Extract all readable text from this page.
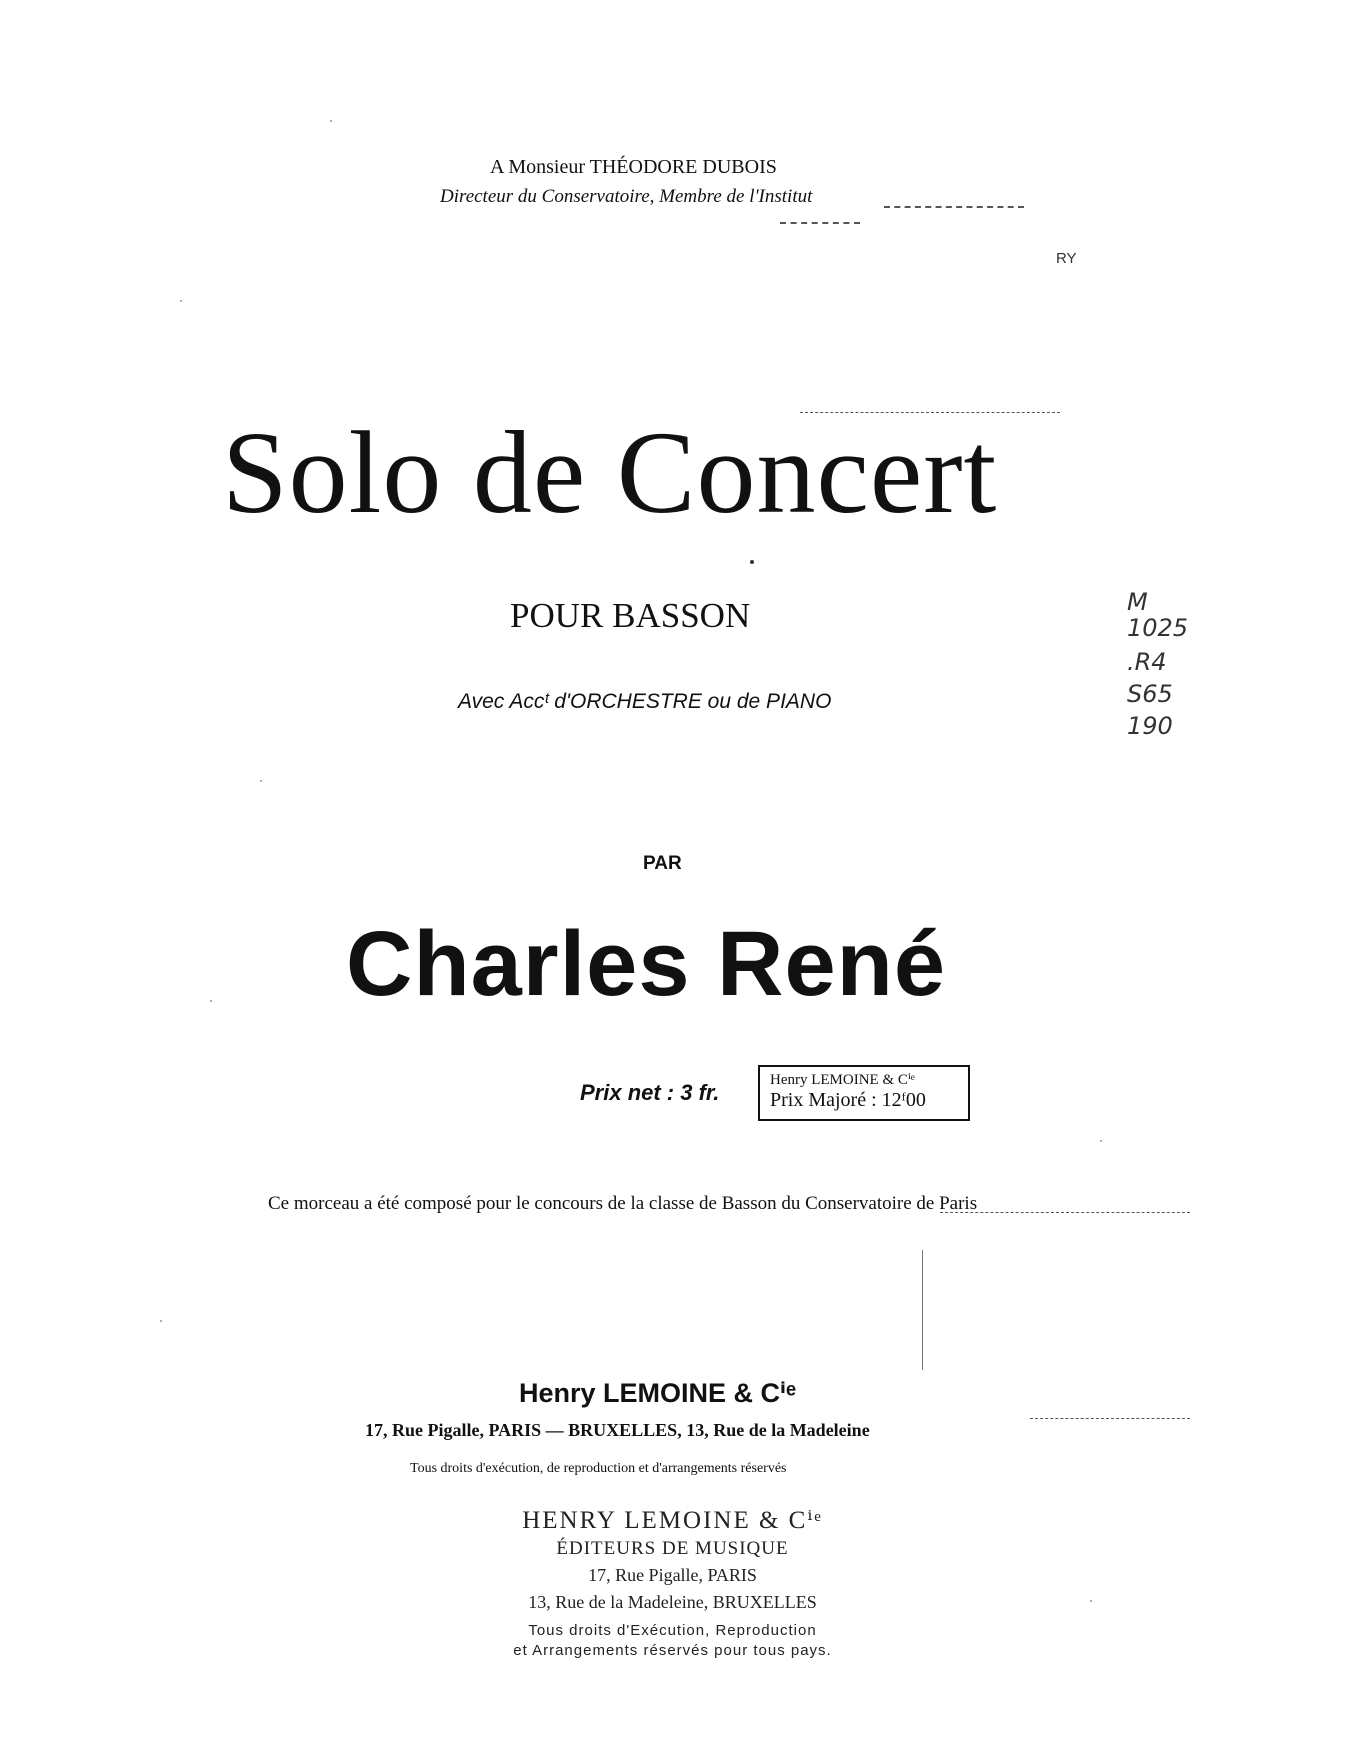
A Monsieur THÉODORE DUBOIS
Directeur du Conservatoire, Membre de l'Institut
RY
Solo de Concert
POUR BASSON
Avec Accᵗ d'ORCHESTRE ou de PIANO
M
1025
.R4
S65
190
PAR
Charles René
Prix net : 3 fr.	Henry LEMOINE & Cⁱᵉ
Prix Majoré : 12ᶠ00
Ce morceau a été composé pour le concours de la classe de Basson du Conservatoire de Paris
Henry LEMOINE & Cⁱᵉ
17, Rue Pigalle, PARIS — BRUXELLES, 13, Rue de la Madeleine
Tous droits d'exécution, de reproduction et d'arrangements réservés
HENRY LEMOINE & Cⁱᵉ
ÉDITEURS DE MUSIQUE
17, Rue Pigalle, PARIS
13, Rue de la Madeleine, BRUXELLES
Tous droits d'Exécution, Reproduction
et Arrangements réservés pour tous pays.
